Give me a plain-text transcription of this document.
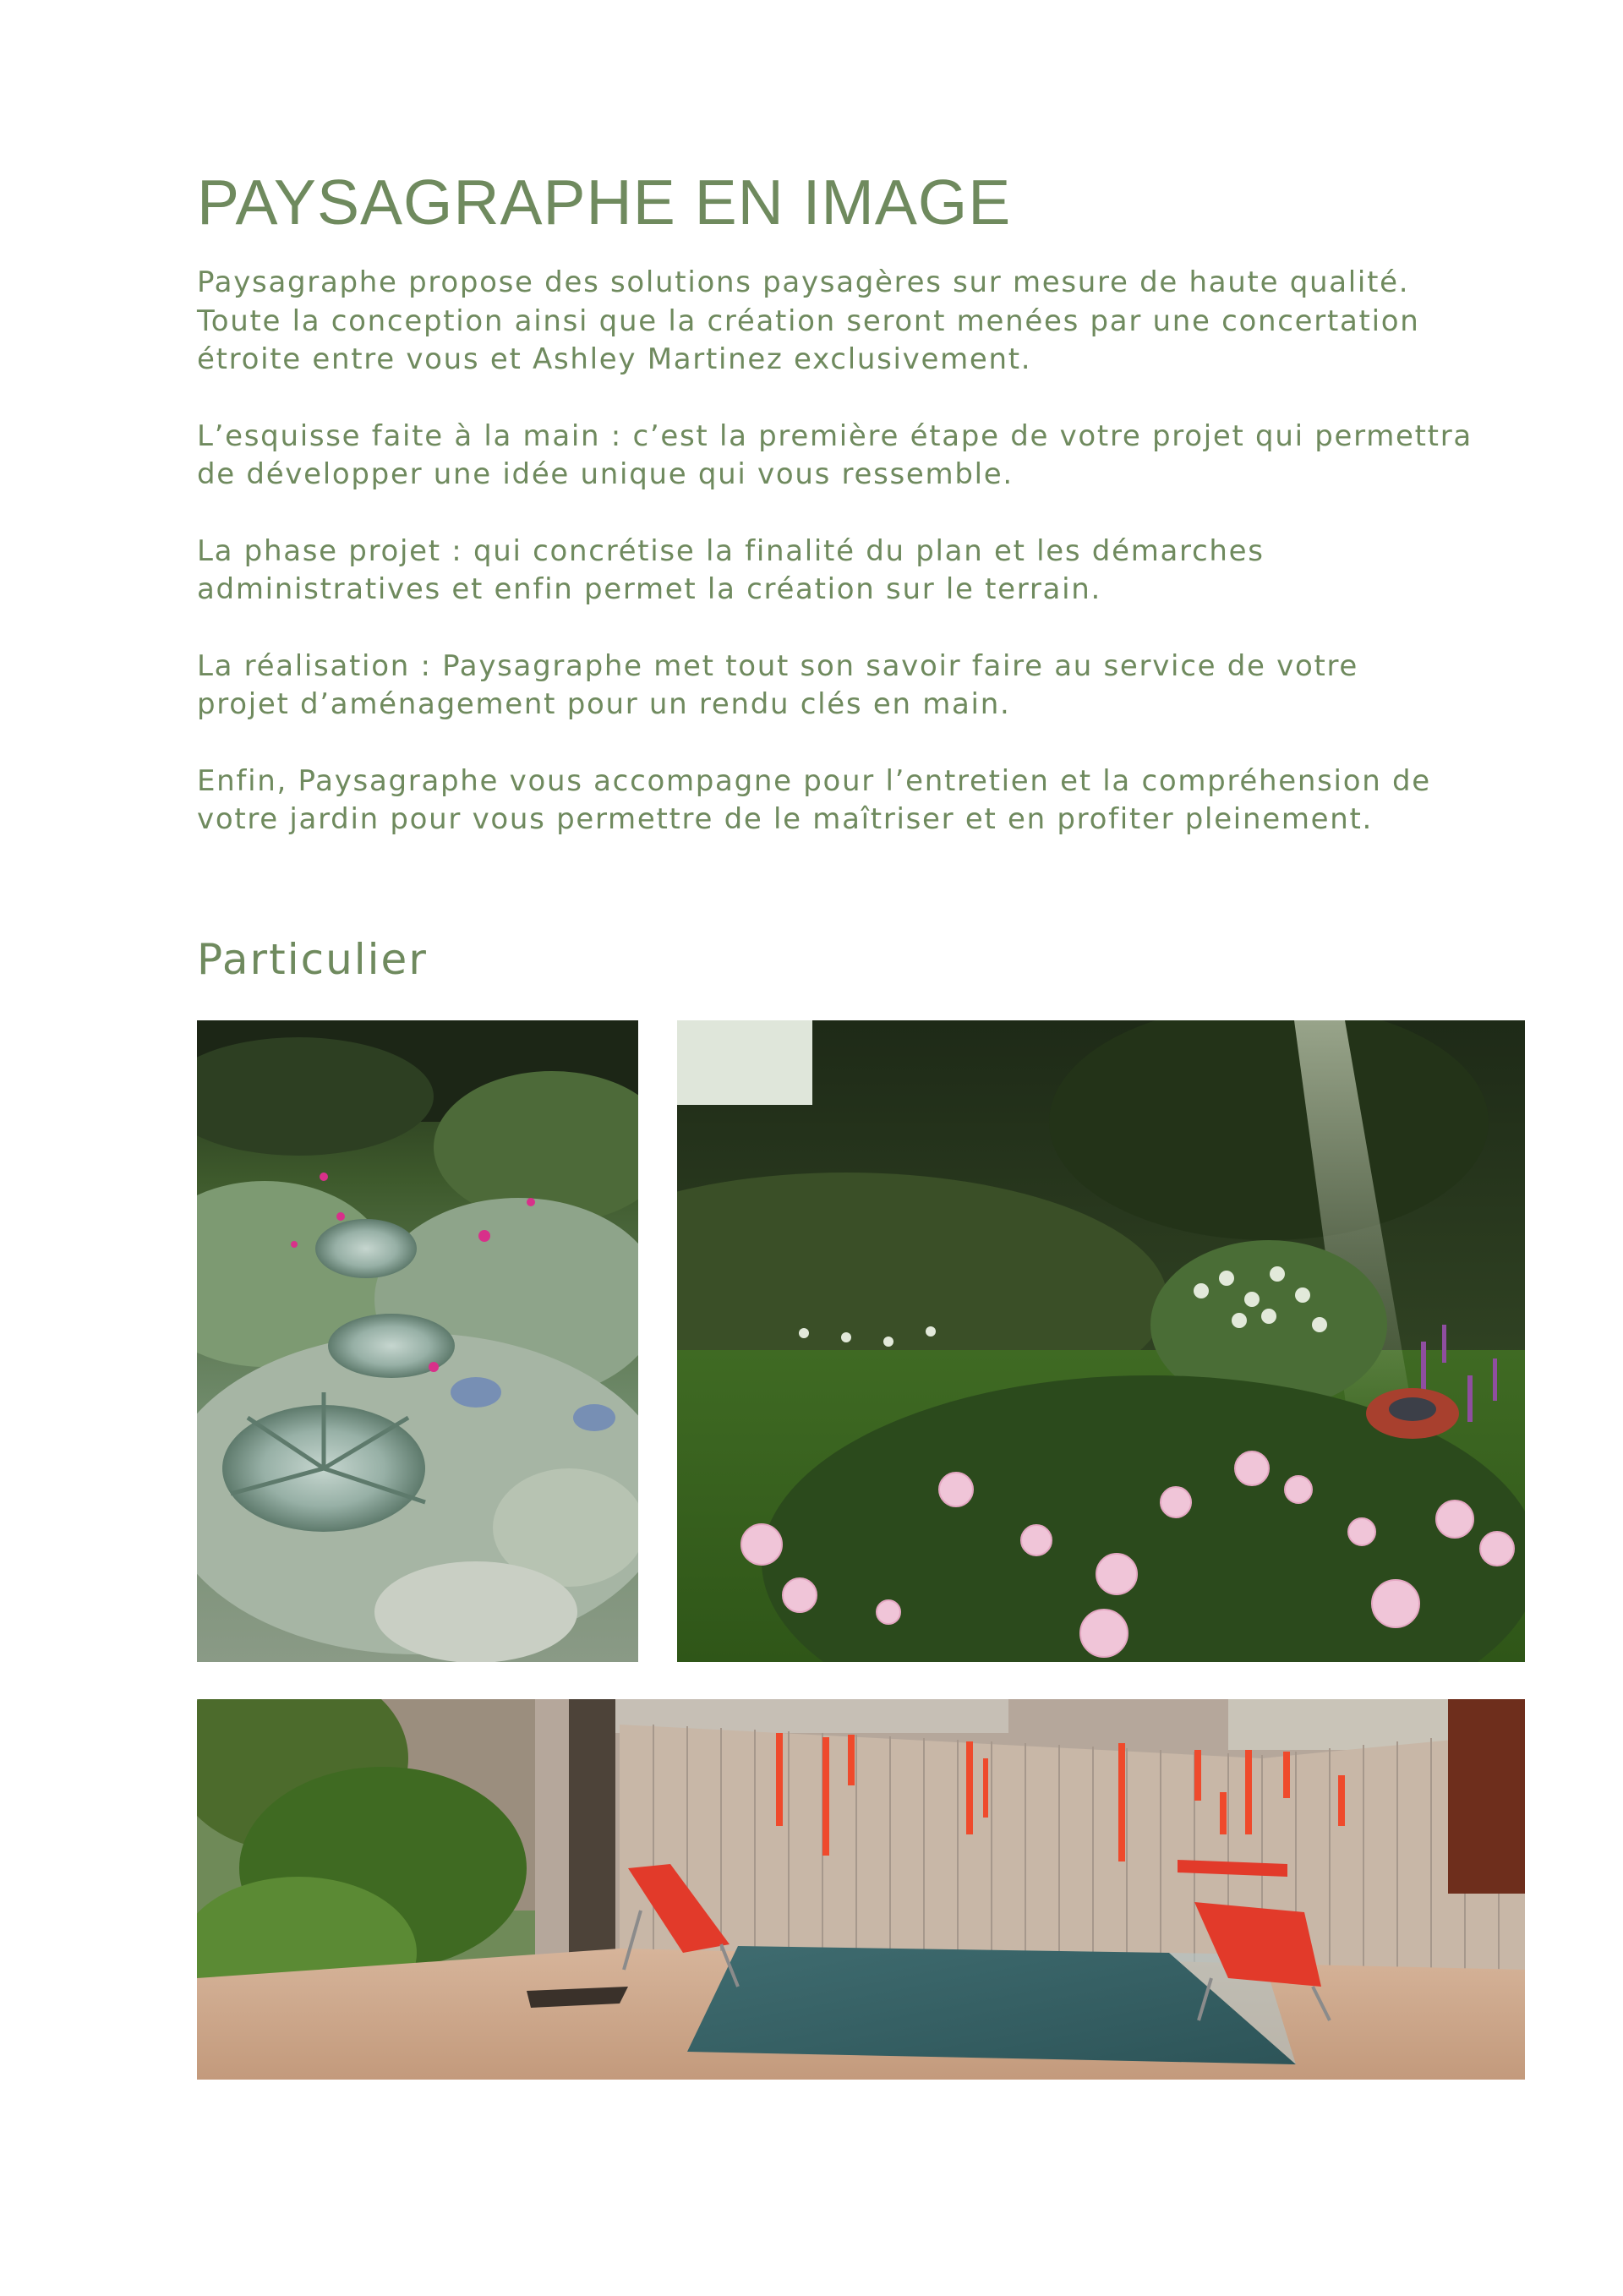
PAYSAGRAPHE EN IMAGE

Paysagraphe propose des solutions paysagères sur mesure de haute qualité.
Toute la conception ainsi que la création seront menées par une concertation
étroite entre vous et Ashley Martinez exclusivement.

L’esquisse faite à la main : c’est la première étape de votre projet qui permettra
de développer une idée unique qui vous ressemble.

La phase projet : qui concrétise la finalité du plan et les démarches
administratives et enfin permet la création sur le terrain.

La réalisation : Paysagraphe met tout son savoir faire au service de votre
projet d’aménagement pour un rendu clés en main.

Enfin, Paysagraphe vous accompagne pour l’entretien et la compréhension de
votre jardin pour vous permettre de le maîtriser et en profiter pleinement.

Particulier
